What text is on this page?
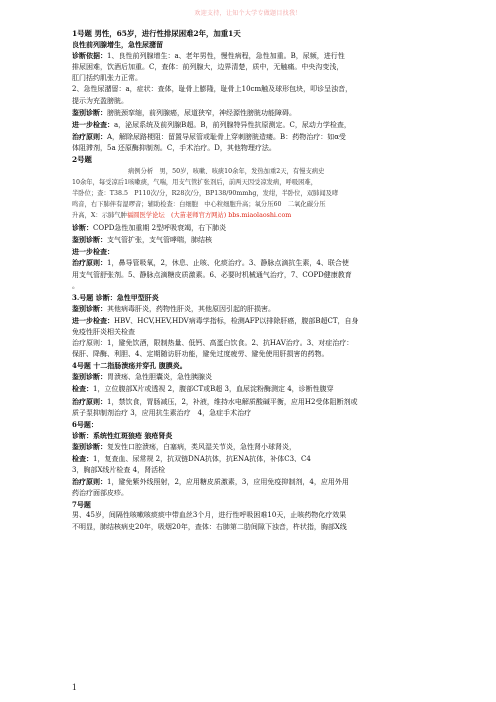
欢迎支持，让知个大学专做题目找我！

1号题 男性，65岁，进行性排尿困难2年，加重1天

良性前列腺增生，急性尿潴留

诊断依据：1、良性前列腺增生：a、老年男性，慢性病程，急性加重。B，尿频，进行性

排尿困难，饮酒后加重。C，查体：前列腺大，边界清楚，质中，无触痛。中央沟变浅，

肛门括约肌张力正常。

2、急性尿潴留：a，症状：查体，耻骨上膨隆，耻骨上10cm触及球形包块，叩诊呈浊音，

提示为充盈膀胱。

鉴别诊断：膀胱颈挛缩，前列腺癌，尿道狭窄，神经源性膀胱功能障碍。

进一步检查：a，泌尿系统及前列腺B超。B，前列腺特异性抗原测定。C，尿动力学检查，

治疗原则：A，解除尿路梗阻：留置导尿管或耻骨上穿刺膀胱造瘘。B：药物治疗：如α受

体阻滞剂，5a 还原酶抑制剂。C，手术治疗。D，其他物理疗法。

2号题

病例分析　男，50岁，咳嗽、咳痰10余年，发热加重2天，有慢支病史

10余年，每受凉后1咳嗽痰，气喘，用支气管扩张剂后，前两天因受凉发病，呼吸困难，

半卧位；查：T38.5　P110次/分，R28次/分，BP138/90mmhg，发绀，半卧位，双肺闻及哮

鸣音，右下肺伴有湿啰音；辅助检查：白细胞　中心粒细胞升高；氧分压60　二氧化碳分压

升高，X：示肺气肿福圆医学论坛　(大苗老师官方网站) bbs.miaolaoshi.com

诊断：COPD急性加重期 2型呼吸衰竭，右下肺炎

鉴别诊断：支气管扩张，支气管哮喘，肺结核

进一步检查：

治疗原则：1，鼻导管吸氧，2，休息、止咳、化痰治疗。3、静脉点滴抗生素，4、联合使

用支气管舒张剂。5、静脉点滴糖皮质激素。6、必要时机械通气治疗，7、COPD健康教育

。

3.号题 诊断：急性甲型肝炎

鉴别诊断：其他病毒肝炎，药物性肝炎，其他原因引起的肝损害。

进一步检查：HBV、HCV,HEV,HDV病毒学指标，检测AFP以排除肝癌，腹部B超CT，自身

免疫性肝炎相关检查

治疗原则：1，避免饮酒，限制热量、低钙、高蛋白饮食。2、抗HAV治疗。3、对症治疗：

保肝、降酶、利胆、4、定期随访肝功能，避免过度疲劳、避免使用肝损害的药物。

4号题 十二指肠溃疡并穿孔 腹膜炎。

鉴别诊断：胃溃疡、急性胆囊炎，急性胰腺炎

检查：1，立位腹部X片或透视 2，腹部CT或B超 3，血尿淀粉酶测定 4，诊断性腹穿

治疗原则：1，禁饮食，胃肠减压，2，补液，维持水电解质酸碱平衡，应用H2受体阻断剂或

质子泵抑制剂治疗 3，应用抗生素治疗　4，急症手术治疗

6号题：

诊断：系统性红斑狼疮 狼疮肾炎

鉴别诊断：复发性口腔溃疡，白塞病，类风湿关节炎，急性肾小球肾炎，

检查：1，复查血、尿常规 2，抗双链DNA抗体，抗ENA抗体，补体C3、C4

3，胸部X线片检查 4，肾活检

治疗原则：1，避免紫外线照射，2，应用糖皮质激素，3，应用免疫抑制剂，4，应用外用

药治疗面部皮疹。

7号题

男、45岁，间隔性咳嗽咳痰痰中带血丝3个月，进行性呼吸困难10天，止咳药物化疗效果

不明显，肺结核病史20年，吸烟20年，查体：右肺第二肋间隙下浊音，杵状指，胸部X线

1
